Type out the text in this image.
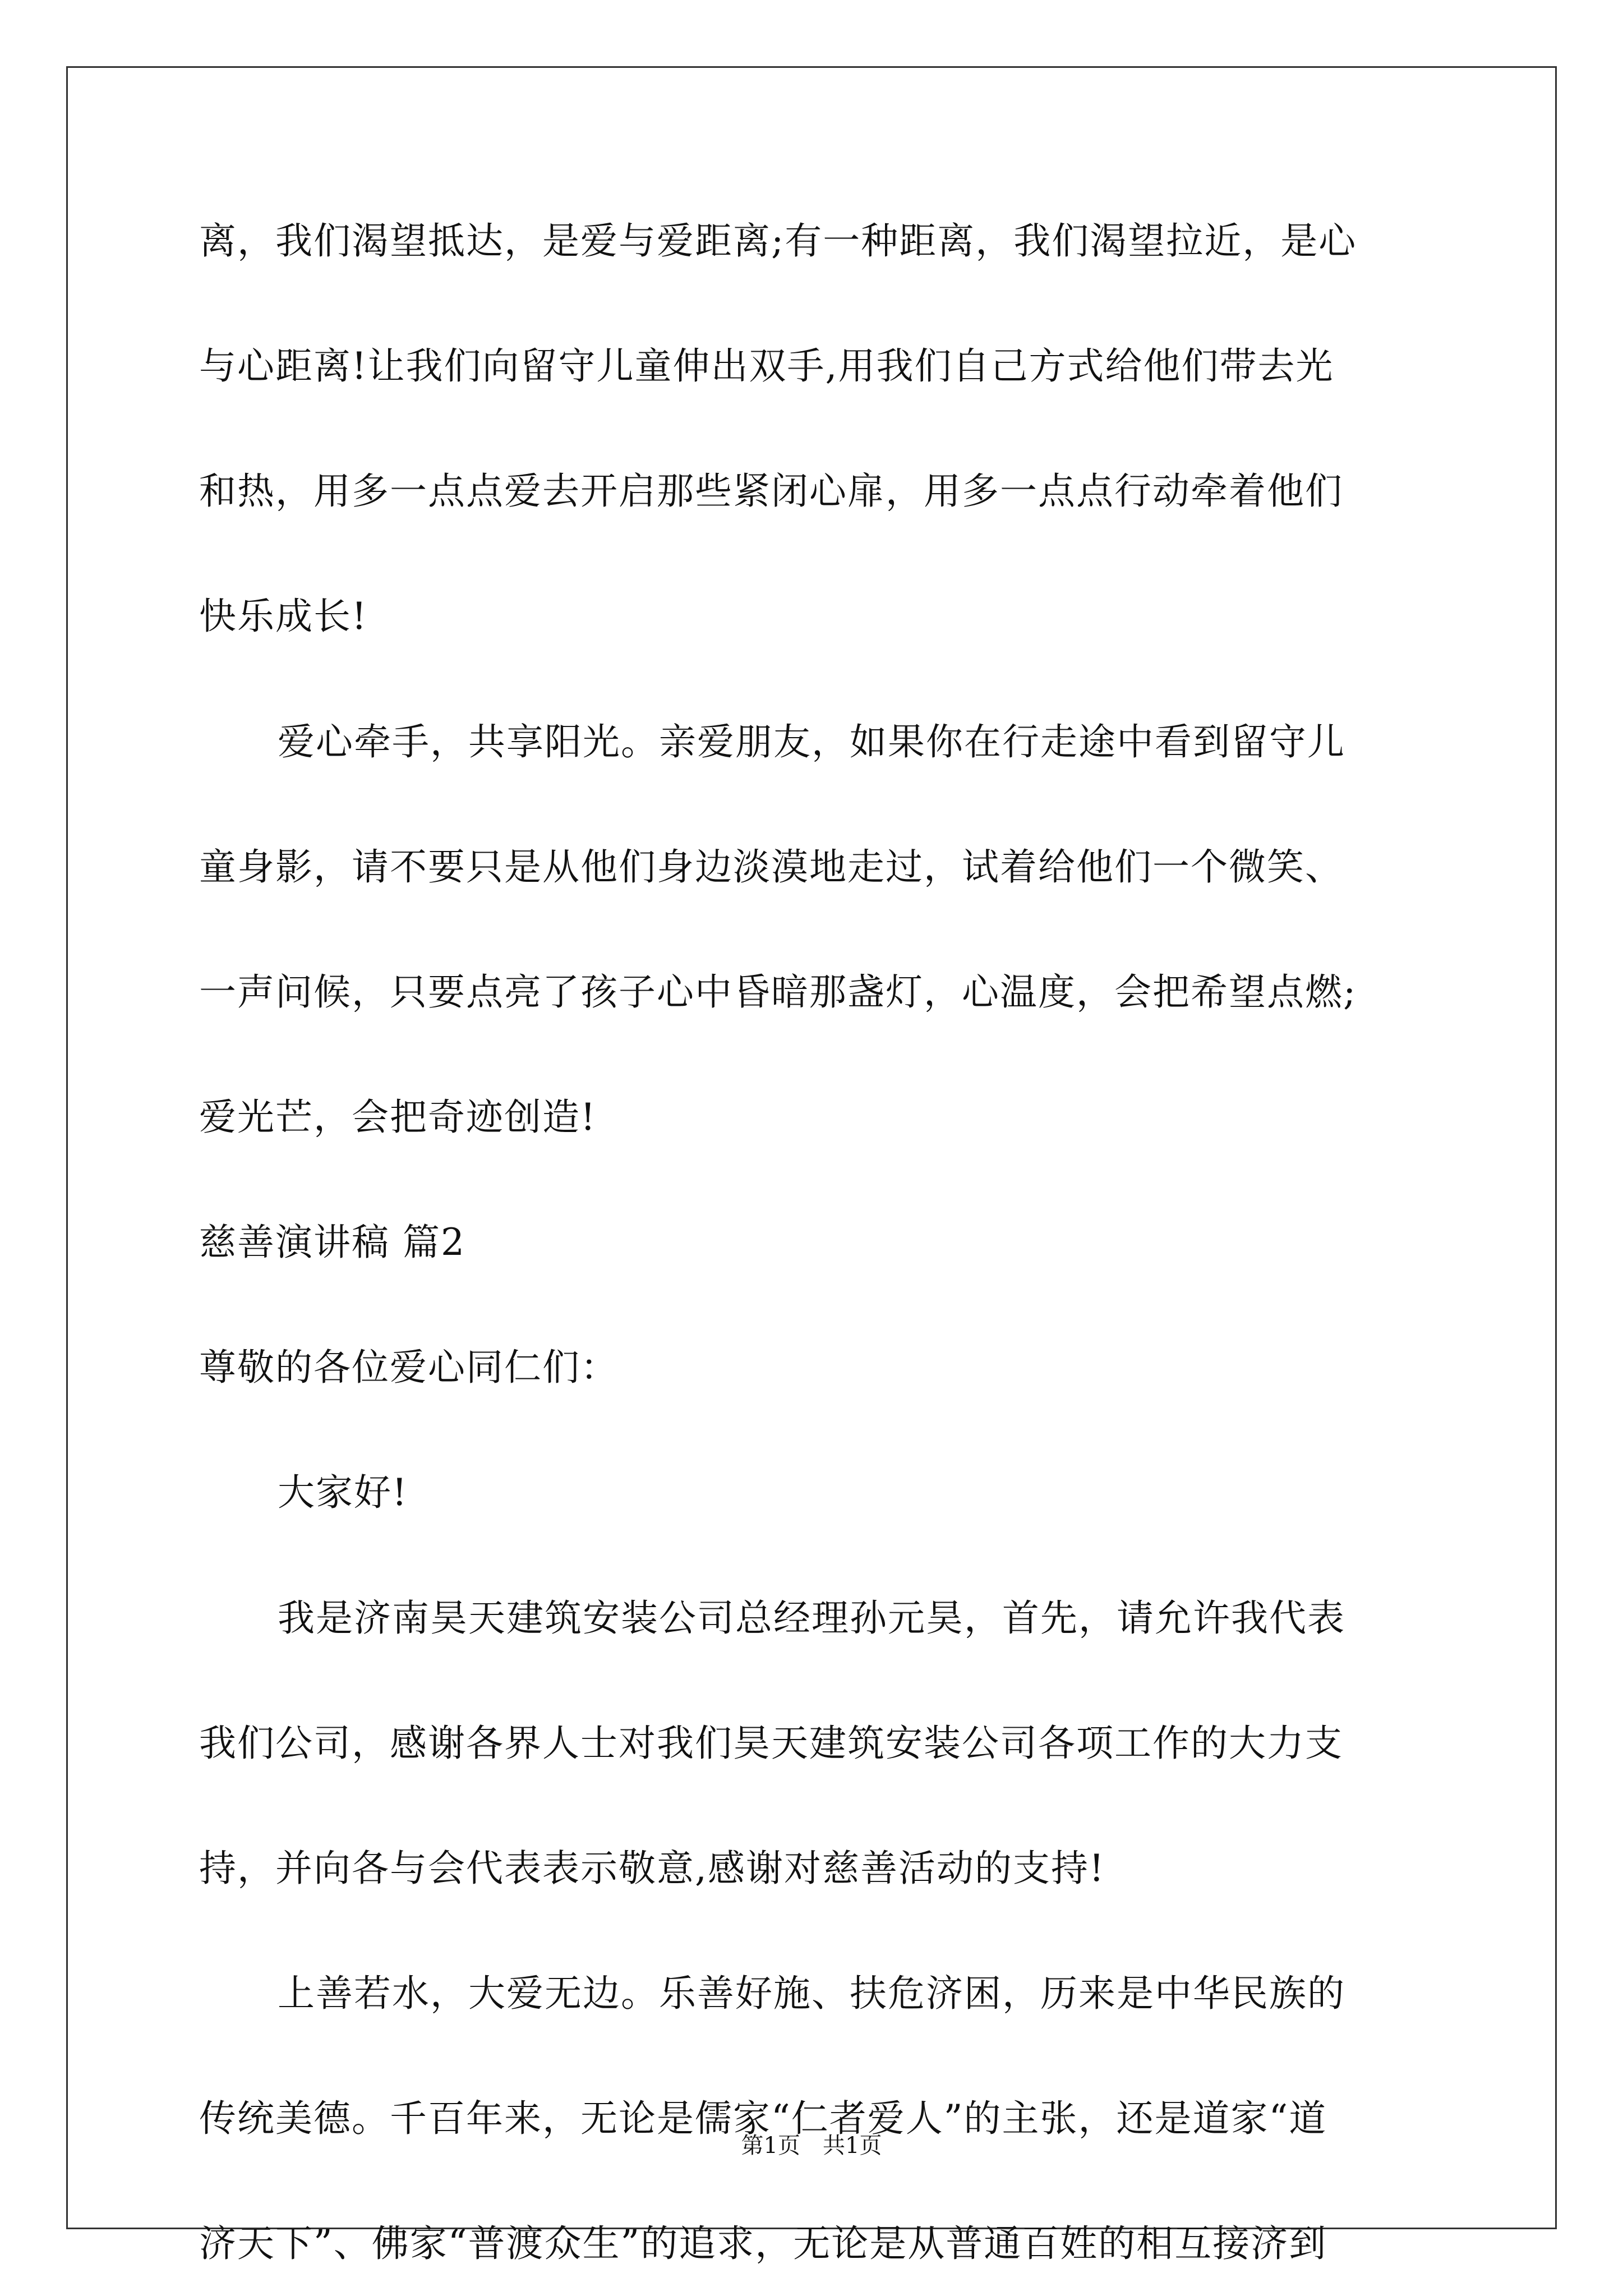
离，我们渴望抵达，是爱与爱距离;有一种距离，我们渴望拉近，是心
与心距离!让我们向留守儿童伸出双手,用我们自己方式给他们带去光
和热，用多一点点爱去开启那些紧闭心扉，用多一点点行动牵着他们
快乐成长!
爱心牵手，共享阳光。亲爱朋友，如果你在行走途中看到留守儿
童身影，请不要只是从他们身边淡漠地走过，试着给他们一个微笑、
一声问候，只要点亮了孩子心中昏暗那盏灯，心温度，会把希望点燃;
爱光芒，会把奇迹创造!
慈善演讲稿 篇2
尊敬的各位爱心同仁们：
大家好!
我是济南昊天建筑安装公司总经理孙元昊，首先，请允许我代表
我们公司，感谢各界人士对我们昊天建筑安装公司各项工作的大力支
持，并向各与会代表表示敬意,感谢对慈善活动的支持!
上善若水，大爱无边。乐善好施、扶危济困，历来是中华民族的
传统美德。千百年来，无论是儒家“仁者爱人”的主张，还是道家“道
济天下”、佛家“普渡众生”的追求，无论是从普通百姓的相互接济到
第1页　共1页
